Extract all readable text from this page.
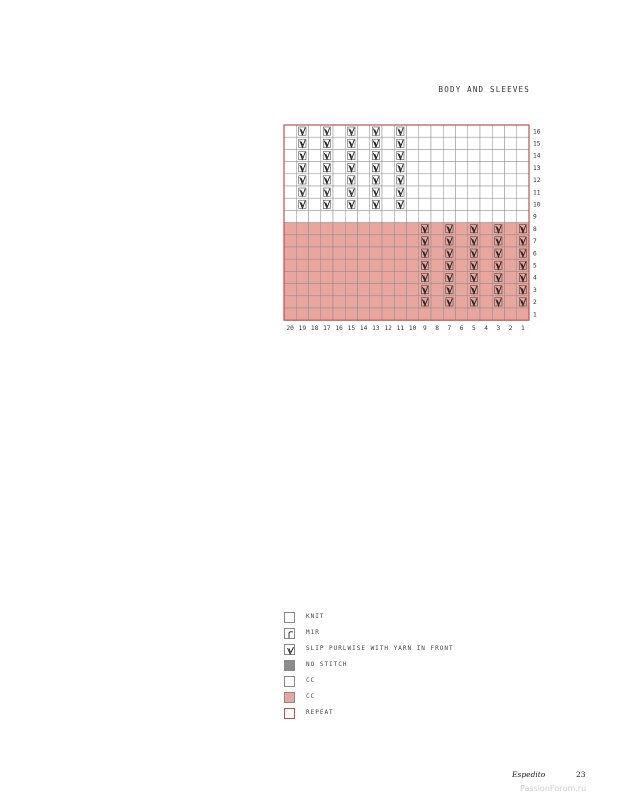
BODY AND SLEEVES
16
15
14
13
12
11
10
9
8
7
6
5
4
3
2
1
20 19 18 17 16 15 14 13 12 11 10 9 8 7 6 5 4 3 2 1
KNIT
M1R
SLIP PURLWISE WITH YARN IN FRONT
NO STITCH
CC
CC
REPEAT
Espedito	23
PassionForum.ru
